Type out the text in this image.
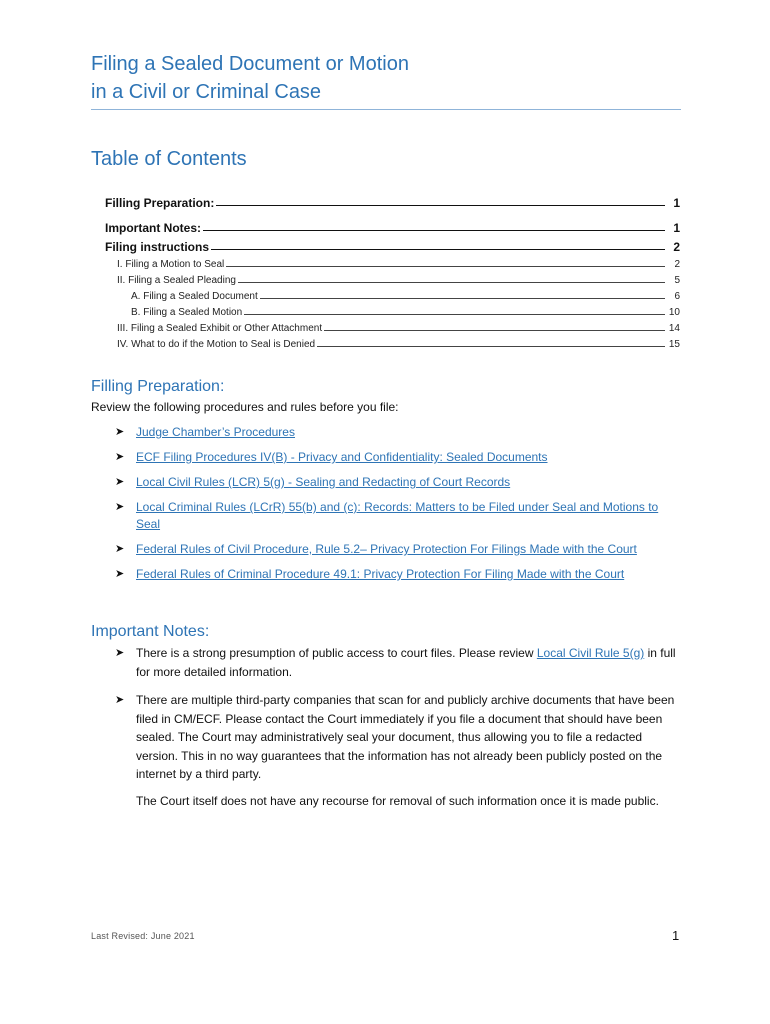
Filing a Sealed Document or Motion
in a Civil or Criminal Case
Table of Contents
Filling Preparation:	1
Important Notes:	1
Filing instructions	2
I. Filing a Motion to Seal	2
II. Filing a Sealed Pleading	5
A. Filing a Sealed Document	6
B. Filing a Sealed Motion	10
III. Filing a Sealed Exhibit or Other Attachment	14
IV. What to do if the Motion to Seal is Denied	15
Filling Preparation:

Review the following procedures and rules before you file:

➤ Judge Chamber’s Procedures
➤ ECF Filing Procedures IV(B) - Privacy and Confidentiality: Sealed Documents
➤ Local Civil Rules (LCR) 5(g) - Sealing and Redacting of Court Records
➤ Local Criminal Rules (LCrR) 55(b) and (c): Records: Matters to be Filed under Seal and Motions to Seal
➤ Federal Rules of Civil Procedure, Rule 5.2– Privacy Protection For Filings Made with the Court
➤ Federal Rules of Criminal Procedure 49.1: Privacy Protection For Filing Made with the Court
Important Notes:
➤ There is a strong presumption of public access to court files. Please review Local Civil Rule 5(g) in full for more detailed information.
➤ There are multiple third-party companies that scan for and publicly archive documents that have been filed in CM/ECF. Please contact the Court immediately if you file a document that should have been sealed. The Court may administratively seal your document, thus allowing you to file a redacted version. This in no way guarantees that the information has not already been publicly posted on the internet by a third party.

The Court itself does not have any recourse for removal of such information once it is made public.

Last Revised: June 2021	1
